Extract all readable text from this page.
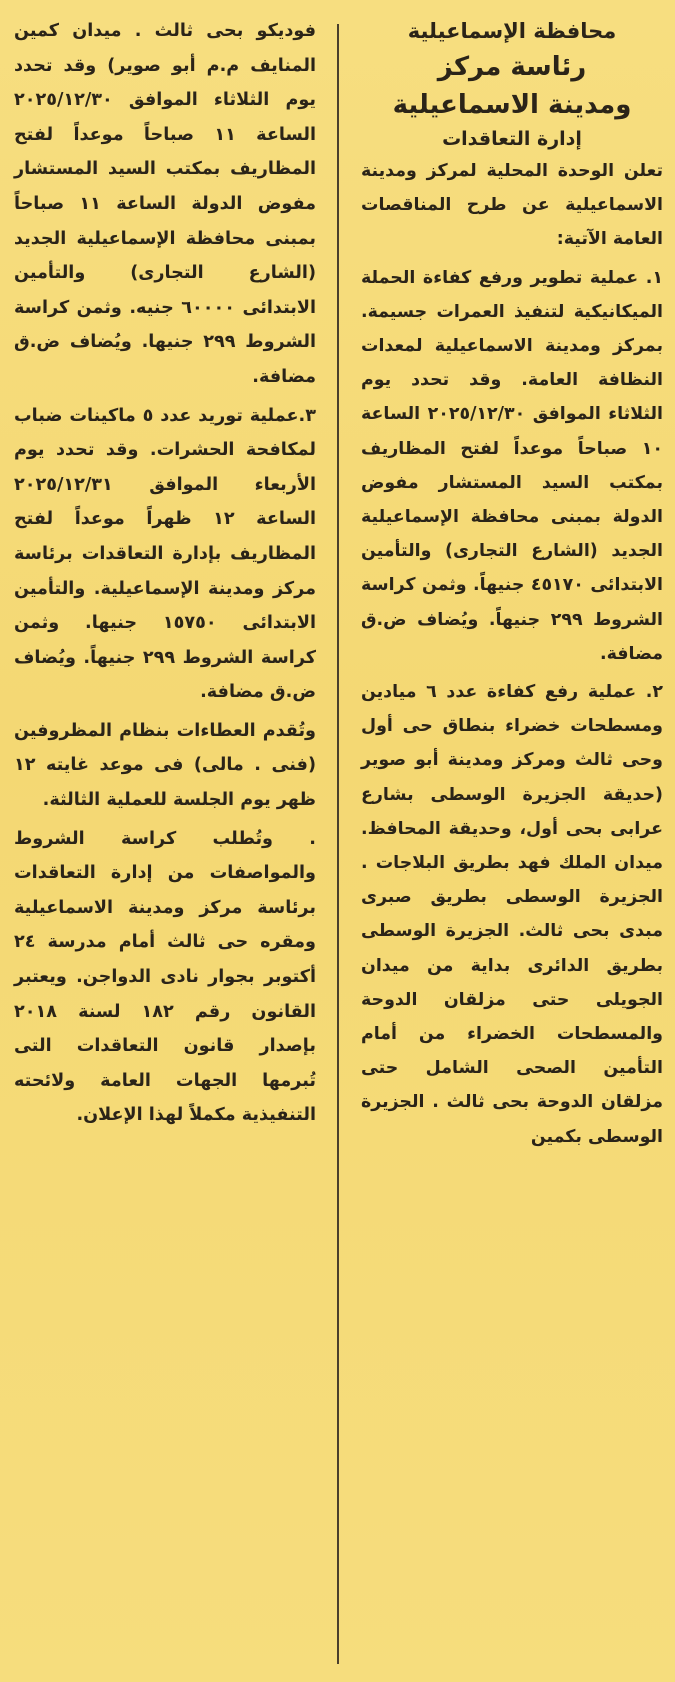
محافظة الإسماعيلية

رئاسة مركز

ومدينة الاسماعيلية

إدارة التعاقدات

تعلن الوحدة المحلية لمركز ومدينة الاسماعيلية عن طرح المناقصات العامة الآتية:

١. عملية تطوير ورفع كفاءة الحملة الميكانيكية لتنفيذ العمرات جسيمة. بمركز ومدينة الاسماعيلية لمعدات النظافة العامة. وقد تحدد يوم الثلاثاء الموافق ٢٠٢٥/١٢/٣٠ الساعة ١٠ صباحاً موعداً لفتح المظاريف بمكتب السيد المستشار مفوض الدولة بمبنى محافظة الإسماعيلية الجديد (الشارع التجارى) والتأمين الابتدائى ٤٥١٧٠ جنيهاً. وثمن كراسة الشروط ٢٩٩ جنيهاً. ويُضاف ض.ق مضافة.

٢. عملية رفع كفاءة عدد ٦ ميادين ومسطحات خضراء بنطاق حى أول وحى ثالث ومركز ومدينة أبو صوير (حديقة الجزيرة الوسطى بشارع عرابى بحى أول، وحديقة المحافظ. ميدان الملك فهد بطريق البلاجات . الجزيرة الوسطى بطريق صبرى مبدى بحى ثالث. الجزيرة الوسطى بطريق الدائرى بداية من ميدان الجويلى حتى مزلقان الدوحة والمسطحات الخضراء من أمام التأمين الصحى الشامل حتى مزلقان الدوحة بحى ثالث . الجزيرة الوسطى بكمين

فوديكو بحى ثالث . ميدان كمين المنايف م.م أبو صوير) وقد تحدد يوم الثلاثاء الموافق ٢٠٢٥/١٢/٣٠ الساعة ١١ صباحاً موعداً لفتح المظاريف بمكتب السيد المستشار مفوض الدولة الساعة ١١ صباحاً بمبنى محافظة الإسماعيلية الجديد (الشارع التجارى) والتأمين الابتدائى ٦٠٠٠٠ جنيه. وثمن كراسة الشروط ٢٩٩ جنيها. ويُضاف ض.ق مضافة.

٣.عملية توريد عدد ٥ ماكينات ضباب لمكافحة الحشرات. وقد تحدد يوم الأربعاء الموافق ٢٠٢٥/١٢/٣١ الساعة ١٢ ظهراً موعداً لفتح المظاريف بإدارة التعاقدات برئاسة مركز ومدينة الإسماعيلية. والتأمين الابتدائى ١٥٧٥٠ جنيها. وثمن كراسة الشروط ٢٩٩ جنيهاً. ويُضاف ض.ق مضافة.

وتُقدم العطاءات بنظام المظروفين (فنى . مالى) فى موعد غايته ١٢ ظهر يوم الجلسة للعملية الثالثة.

. وتُطلب كراسة الشروط والمواصفات من إدارة التعاقدات برئاسة مركز ومدينة الاسماعيلية ومقره حى ثالث أمام مدرسة ٢٤ أكتوبر بجوار نادى الدواجن. ويعتبر القانون رقم ١٨٢ لسنة ٢٠١٨ بإصدار قانون التعاقدات التى تُبرمها الجهات العامة ولائحته التنفيذية مكملاً لهذا الإعلان.
